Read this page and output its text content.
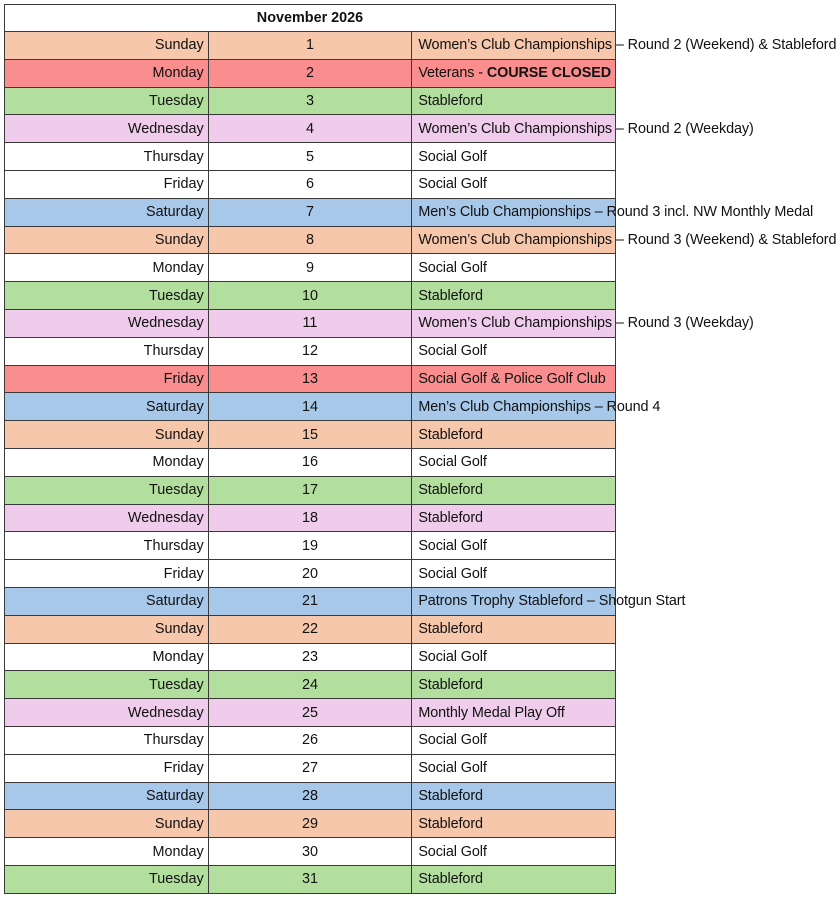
November 2026		
Sunday	1	Women’s Club Championships – Round 2 (Weekend) & Stableford
Monday	2	Veterans - COURSE CLOSED
Tuesday	3	Stableford
Wednesday	4	Women’s Club Championships – Round 2 (Weekday)
Thursday	5	Social Golf
Friday	6	Social Golf
Saturday	7	Men’s Club Championships – Round 3 incl. NW Monthly Medal
Sunday	8	Women’s Club Championships – Round 3 (Weekend) & Stableford
Monday	9	Social Golf
Tuesday	10	Stableford
Wednesday	11	Women’s Club Championships – Round 3 (Weekday)
Thursday	12	Social Golf
Friday	13	Social Golf & Police Golf Club
Saturday	14	Men’s Club Championships – Round 4
Sunday	15	Stableford
Monday	16	Social Golf
Tuesday	17	Stableford
Wednesday	18	Stableford
Thursday	19	Social Golf
Friday	20	Social Golf
Saturday	21	Patrons Trophy Stableford – Shotgun Start
Sunday	22	Stableford
Monday	23	Social Golf
Tuesday	24	Stableford
Wednesday	25	Monthly Medal Play Off
Thursday	26	Social Golf
Friday	27	Social Golf
Saturday	28	Stableford
Sunday	29	Stableford
Monday	30	Social Golf
Tuesday	31	Stableford
